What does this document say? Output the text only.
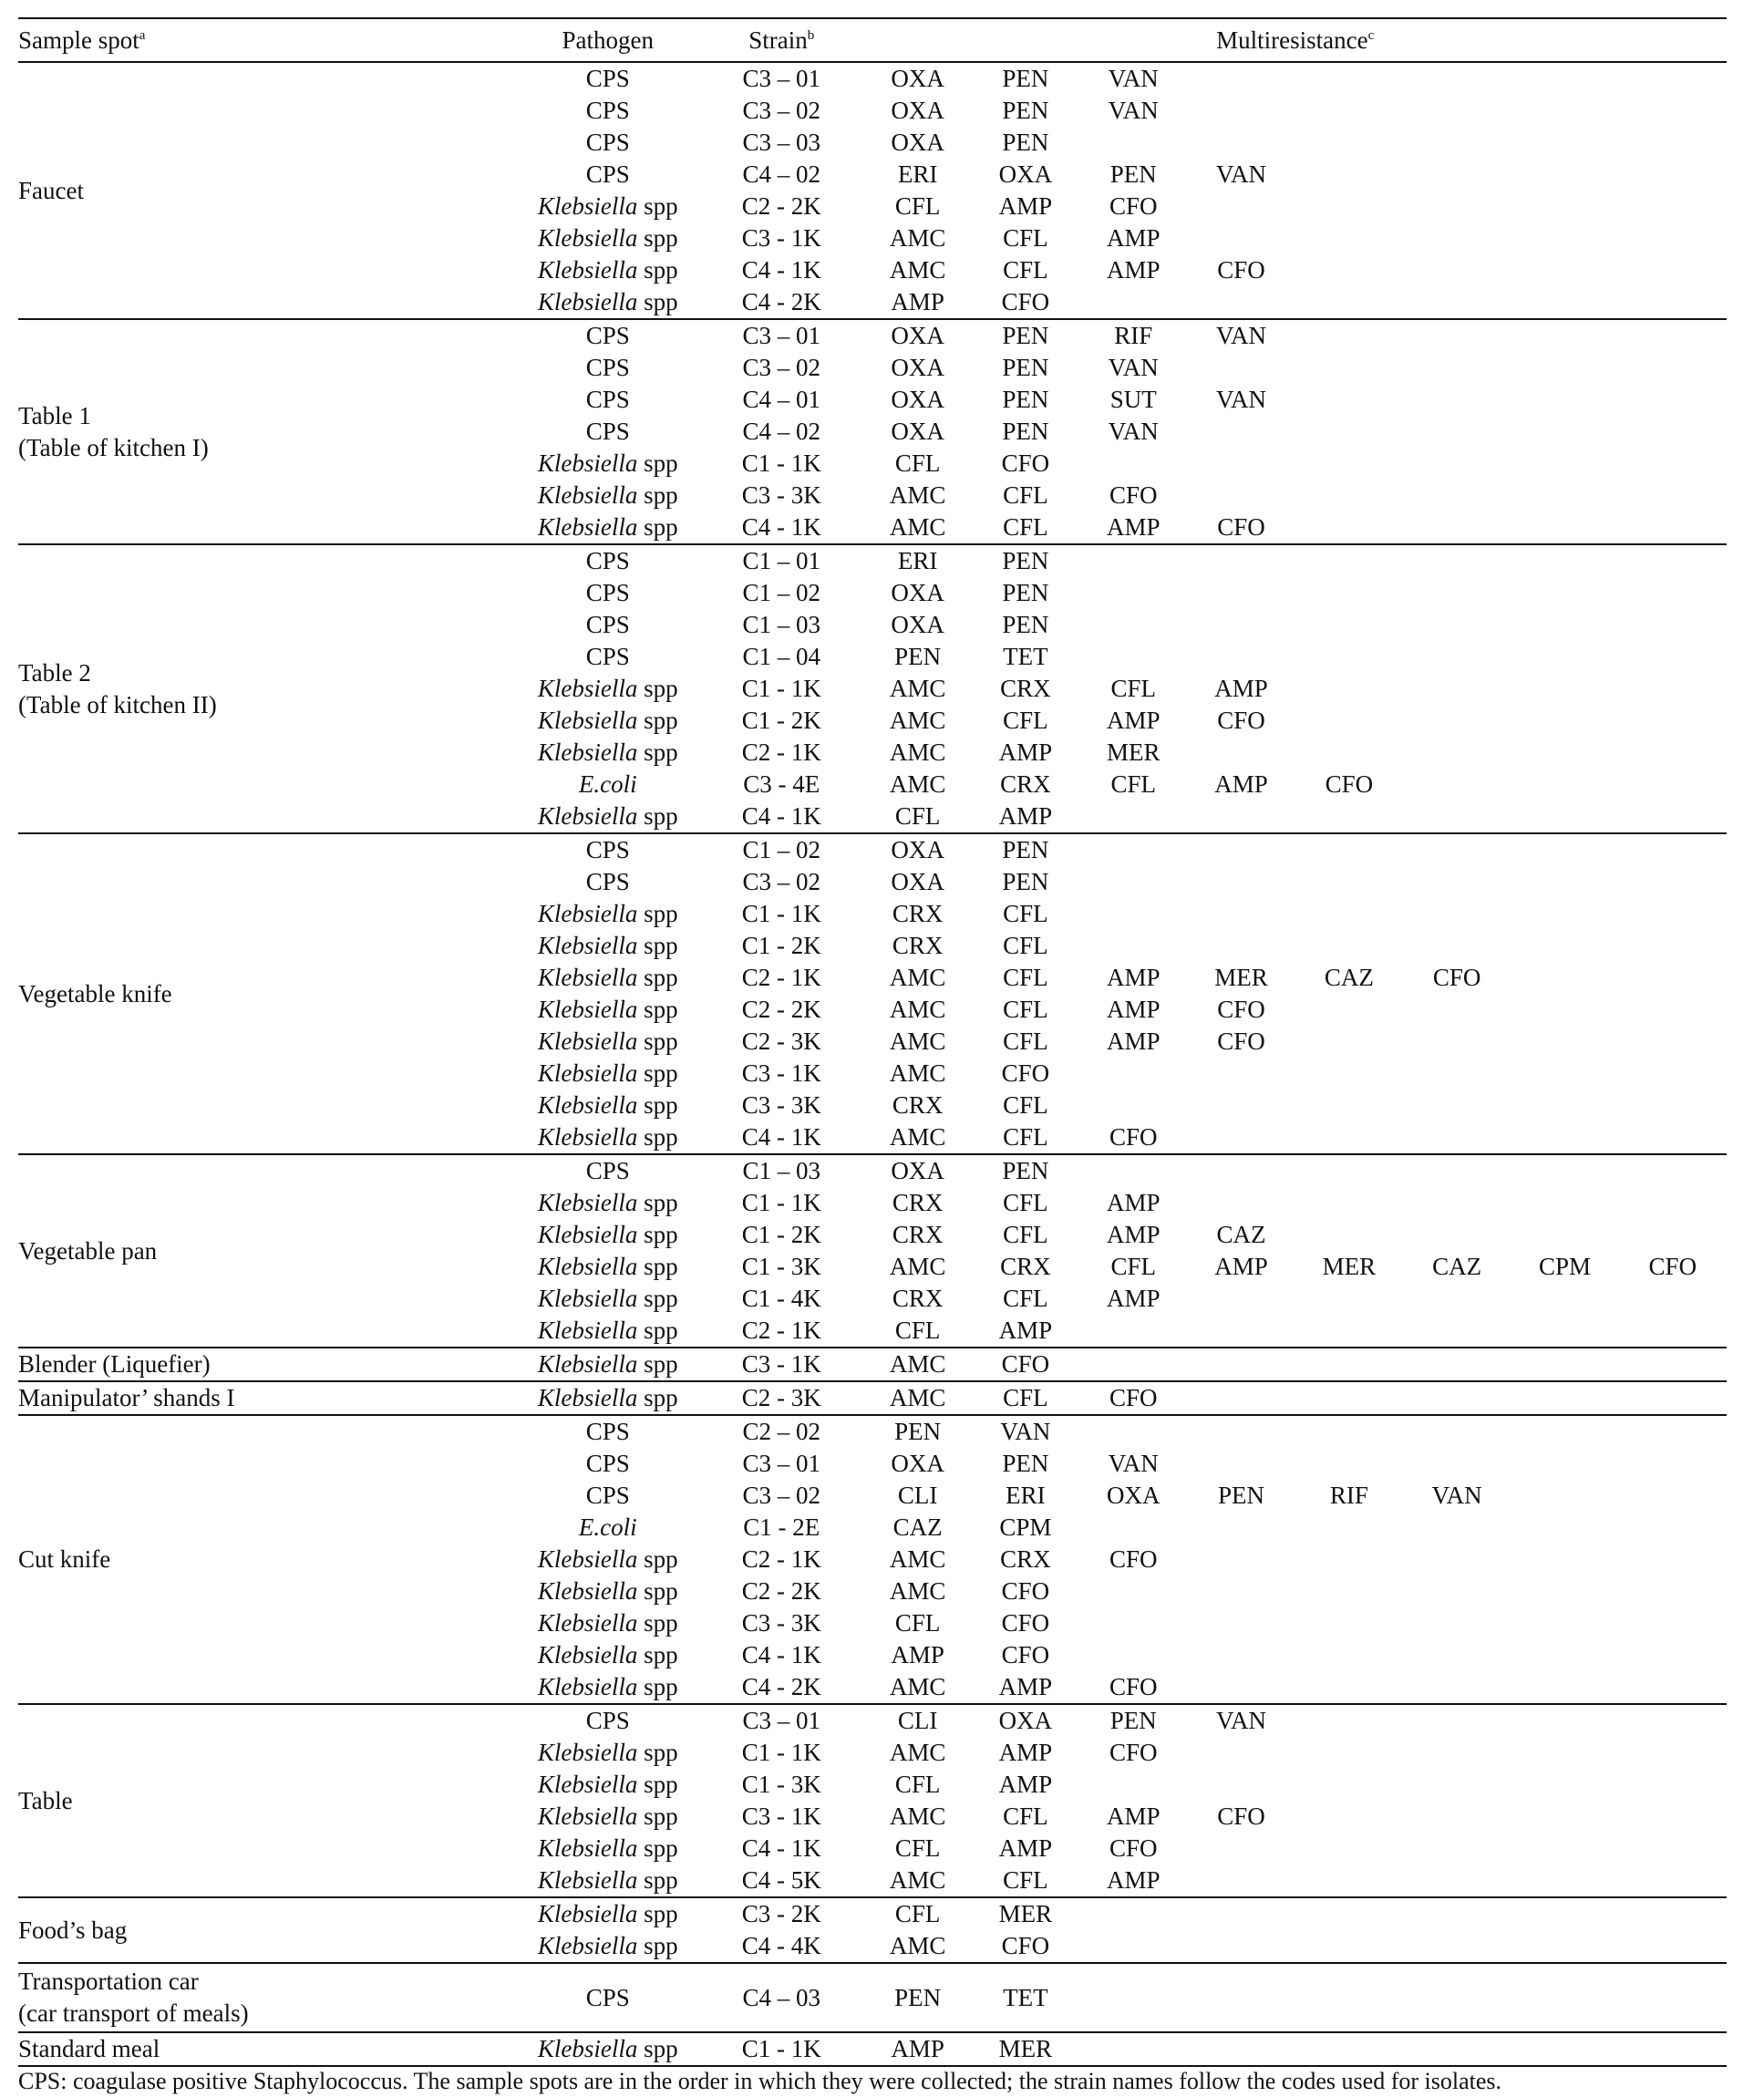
Sample spot$^a$	Pathogen	Strain$^b$	Multiresistance$^c$

Faucet	CPS	C3 – 01	OXA	PEN	VAN					
	CPS	C3 – 02	OXA	PEN	VAN					
	CPS	C3 – 03	OXA	PEN						
	CPS	C4 – 02	ERI	OXA	PEN	VAN				
	Klebsiella spp	C2 - 2K	CFL	AMP	CFO					
	Klebsiella spp	C3 - 1K	AMC	CFL	AMP					
	Klebsiella spp	C4 - 1K	AMC	CFL	AMP	CFO				
	Klebsiella spp	C4 - 2K	AMP	CFO						

Table 1
(Table of kitchen I)	CPS	C3 – 01	OXA	PEN	RIF	VAN				
	CPS	C3 – 02	OXA	PEN	VAN					
	CPS	C4 – 01	OXA	PEN	SUT	VAN				
	CPS	C4 – 02	OXA	PEN	VAN					
	Klebsiella spp	C1 - 1K	CFL	CFO						
	Klebsiella spp	C3 - 3K	AMC	CFL	CFO					
	Klebsiella spp	C4 - 1K	AMC	CFL	AMP	CFO				

Table 2
(Table of kitchen II)	CPS	C1 – 01	ERI	PEN						
	CPS	C1 – 02	OXA	PEN						
	CPS	C1 – 03	OXA	PEN						
	CPS	C1 – 04	PEN	TET						
	Klebsiella spp	C1 - 1K	AMC	CRX	CFL	AMP				
	Klebsiella spp	C1 - 2K	AMC	CFL	AMP	CFO				
	Klebsiella spp	C2 - 1K	AMC	AMP	MER					
	E.coli	C3 - 4E	AMC	CRX	CFL	AMP	CFO			
	Klebsiella spp	C4 - 1K	CFL	AMP						

Vegetable knife	CPS	C1 – 02	OXA	PEN						
	CPS	C3 – 02	OXA	PEN						
	Klebsiella spp	C1 - 1K	CRX	CFL						
	Klebsiella spp	C1 - 2K	CRX	CFL						
	Klebsiella spp	C2 - 1K	AMC	CFL	AMP	MER	CAZ	CFO		
	Klebsiella spp	C2 - 2K	AMC	CFL	AMP	CFO				
	Klebsiella spp	C2 - 3K	AMC	CFL	AMP	CFO				
	Klebsiella spp	C3 - 1K	AMC	CFO						
	Klebsiella spp	C3 - 3K	CRX	CFL						
	Klebsiella spp	C4 - 1K	AMC	CFL	CFO					

Vegetable pan	CPS	C1 – 03	OXA	PEN						
	Klebsiella spp	C1 - 1K	CRX	CFL	AMP					
	Klebsiella spp	C1 - 2K	CRX	CFL	AMP	CAZ				
	Klebsiella spp	C1 - 3K	AMC	CRX	CFL	AMP	MER	CAZ	CPM	CFO
	Klebsiella spp	C1 - 4K	CRX	CFL	AMP					
	Klebsiella spp	C2 - 1K	CFL	AMP						

Blender (Liquefier)	Klebsiella spp	C3 - 1K	AMC	CFO						

Manipulator’ shands I	Klebsiella spp	C2 - 3K	AMC	CFL	CFO					

Cut knife	CPS	C2 – 02	PEN	VAN						
	CPS	C3 – 01	OXA	PEN	VAN					
	CPS	C3 – 02	CLI	ERI	OXA	PEN	RIF	VAN		
	E.coli	C1 - 2E	CAZ	CPM						
	Klebsiella spp	C2 - 1K	AMC	CRX	CFO					
	Klebsiella spp	C2 - 2K	AMC	CFO						
	Klebsiella spp	C3 - 3K	CFL	CFO						
	Klebsiella spp	C4 - 1K	AMP	CFO						
	Klebsiella spp	C4 - 2K	AMC	AMP	CFO					

Table	CPS	C3 – 01	CLI	OXA	PEN	VAN				
	Klebsiella spp	C1 - 1K	AMC	AMP	CFO					
	Klebsiella spp	C1 - 3K	CFL	AMP						
	Klebsiella spp	C3 - 1K	AMC	CFL	AMP	CFO				
	Klebsiella spp	C4 - 1K	CFL	AMP	CFO					
	Klebsiella spp	C4 - 5K	AMC	CFL	AMP					

Food’s bag	Klebsiella spp	C3 - 2K	CFL	MER						
	Klebsiella spp	C4 - 4K	AMC	CFO						

Transportation car
(car transport of meals)	CPS	C4 – 03	PEN	TET						

Standard meal	Klebsiella spp	C1 - 1K	AMP	MER						
CPS: coagulase positive Staphylococcus. The sample spots are in the order in which they were collected; the strain names follow the codes used for isolates.
